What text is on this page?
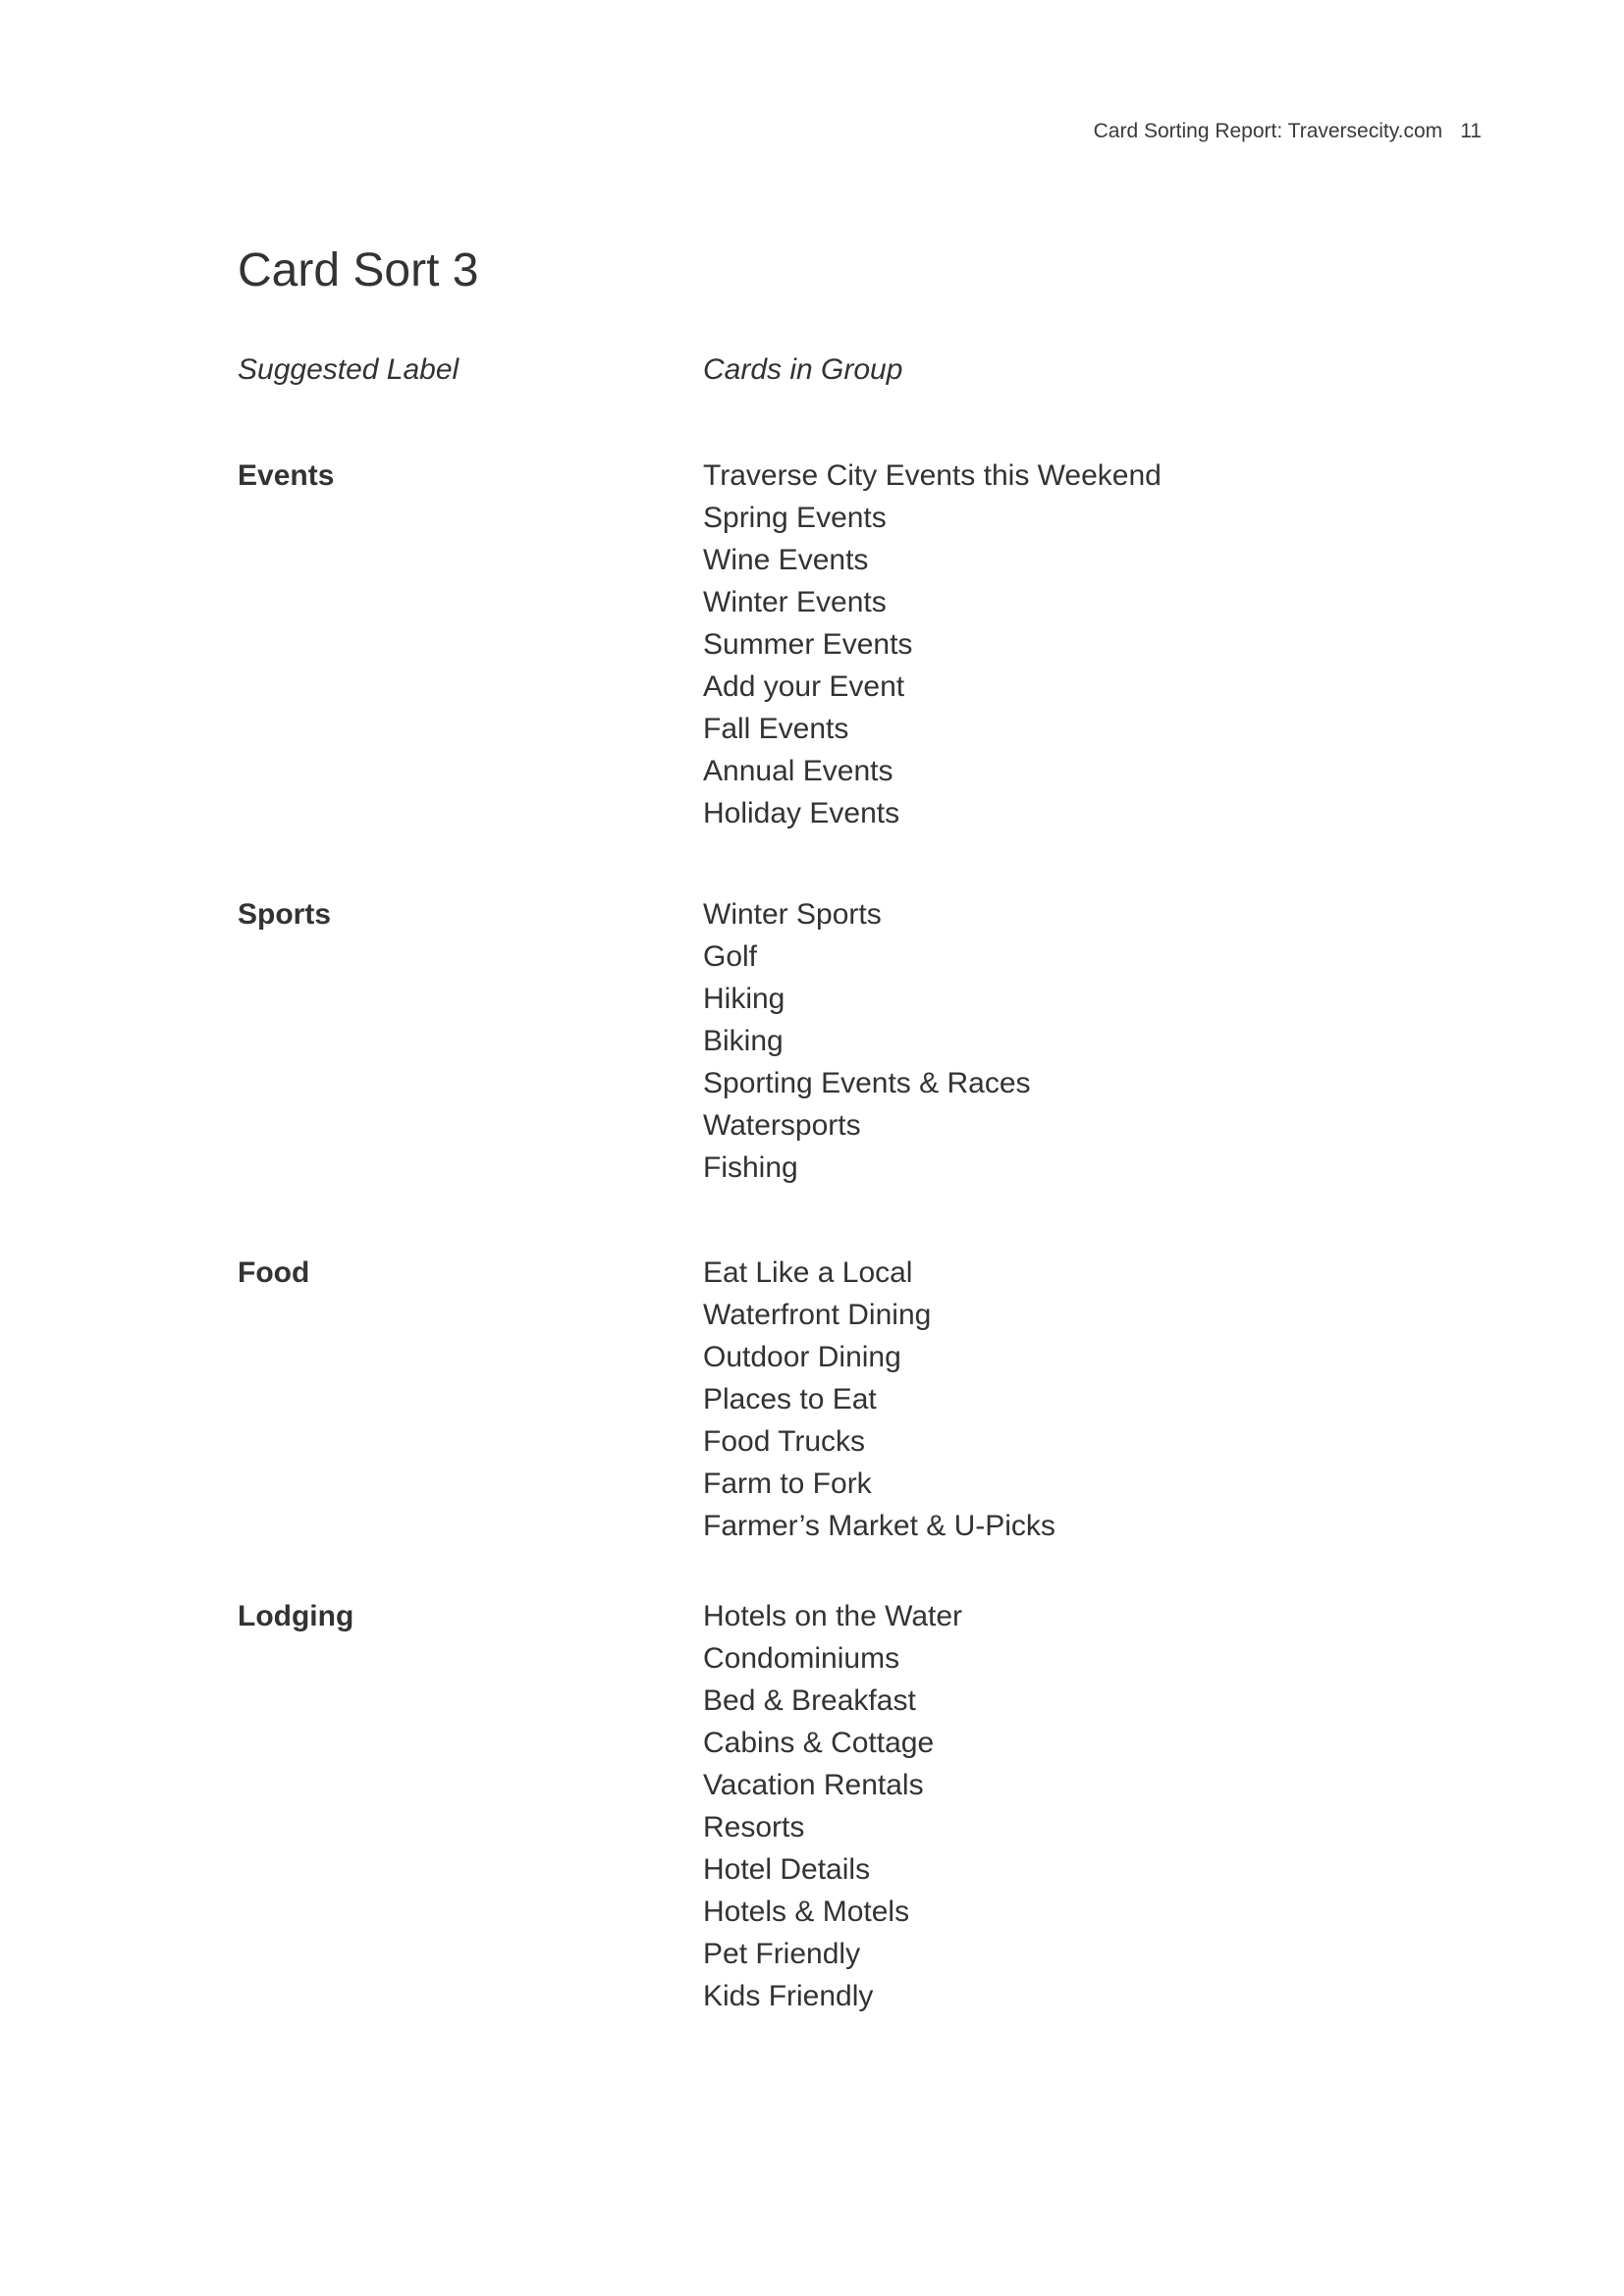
Card Sorting Report: Traversecity.com 11
Card Sort 3
Suggested Label	Cards in Group
Events	Traverse City Events this Weekend
Spring Events
Wine Events
Winter Events
Summer Events
Add your Event
Fall Events
Annual Events
Holiday Events
Sports	Winter Sports
Golf
Hiking
Biking
Sporting Events & Races
Watersports
Fishing
Food	Eat Like a Local
Waterfront Dining
Outdoor Dining
Places to Eat
Food Trucks
Farm to Fork
Farmer’s Market & U-Picks
Lodging	Hotels on the Water
Condominiums
Bed & Breakfast
Cabins & Cottage
Vacation Rentals
Resorts
Hotel Details
Hotels & Motels
Pet Friendly
Kids Friendly
